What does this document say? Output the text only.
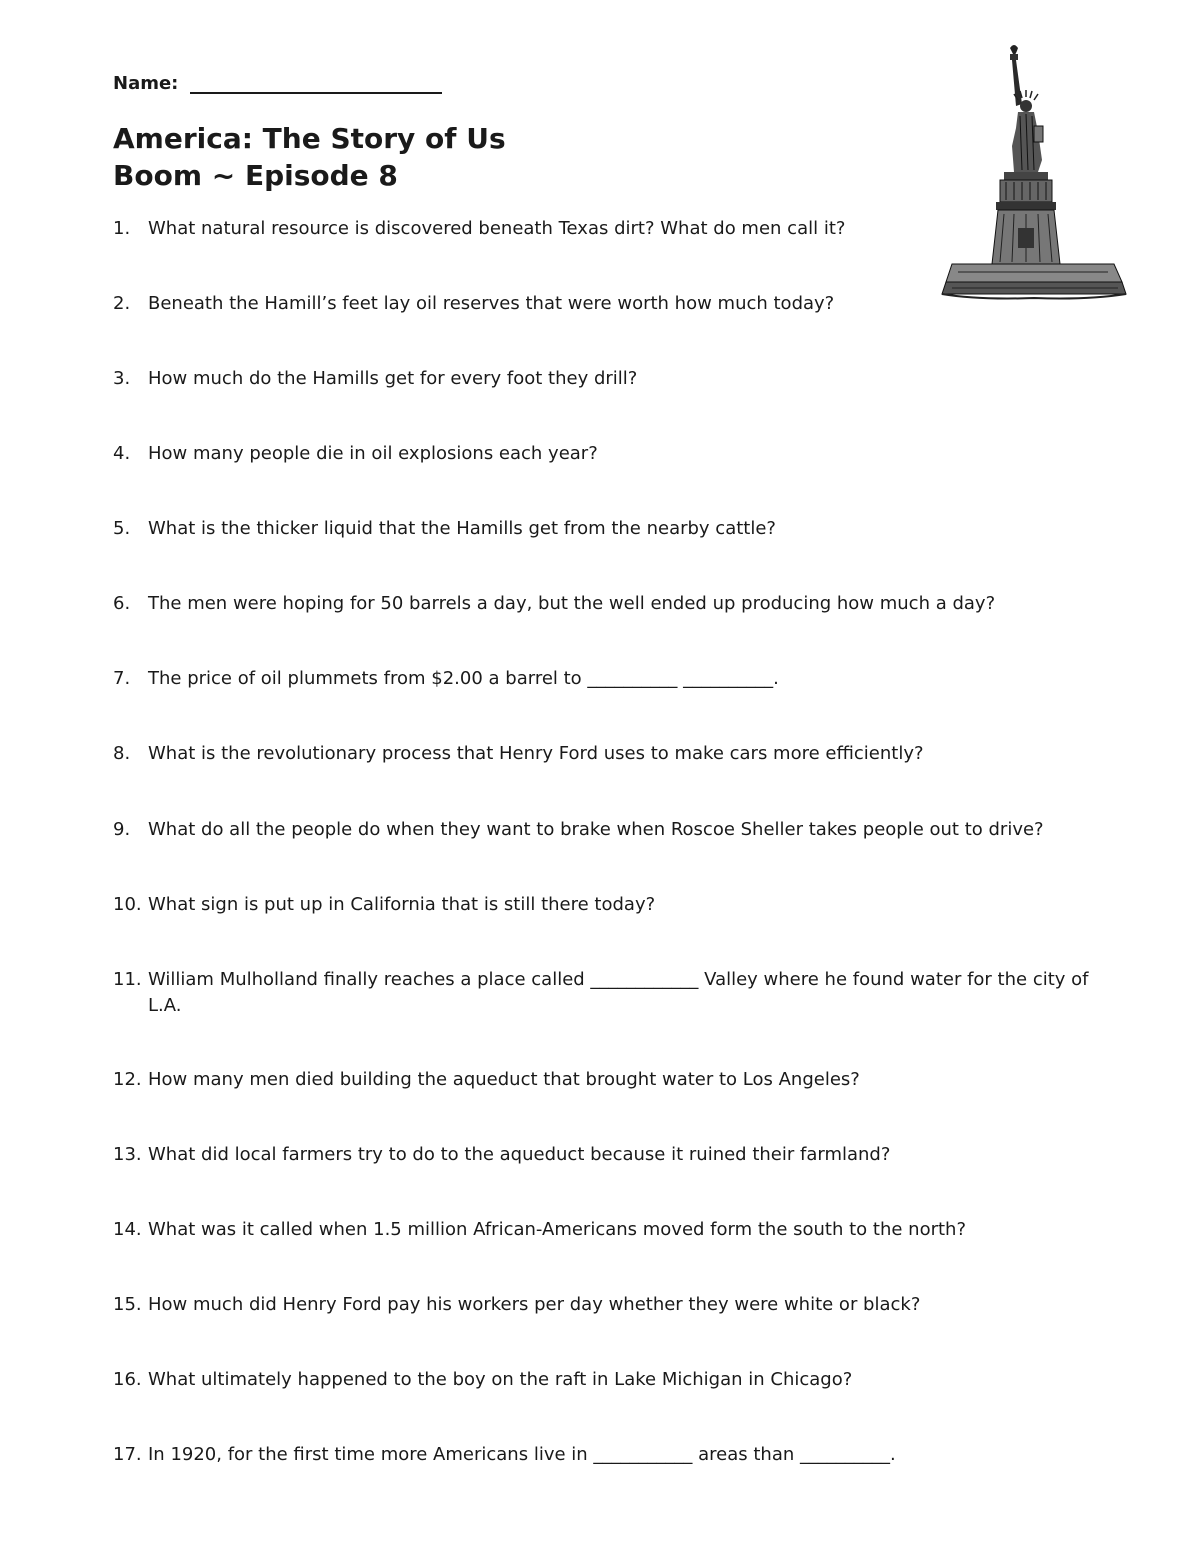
Name:
America: The Story of Us
Boom ~ Episode 8
1. What natural resource is discovered beneath Texas dirt? What do men call it?
2. Beneath the Hamill’s feet lay oil reserves that were worth how much today?
3. How much do the Hamills get for every foot they drill?
4. How many people die in oil explosions each year?
5. What is the thicker liquid that the Hamills get from the nearby cattle?
6. The men were hoping for 50 barrels a day, but the well ended up producing how much a day?
7. The price of oil plummets from $2.00 a barrel to __________ __________.
8. What is the revolutionary process that Henry Ford uses to make cars more efficiently?
9. What do all the people do when they want to brake when Roscoe Sheller takes people out to drive?
10. What sign is put up in California that is still there today?
11. William Mulholland finally reaches a place called ____________ Valley where he found water for the city of L.A.
12. How many men died building the aqueduct that brought water to Los Angeles?
13. What did local farmers try to do to the aqueduct because it ruined their farmland?
14. What was it called when 1.5 million African-Americans moved form the south to the north?
15. How much did Henry Ford pay his workers per day whether they were white or black?
16. What ultimately happened to the boy on the raft in Lake Michigan in Chicago?
17. In 1920, for the first time more Americans live in ___________ areas than __________.
